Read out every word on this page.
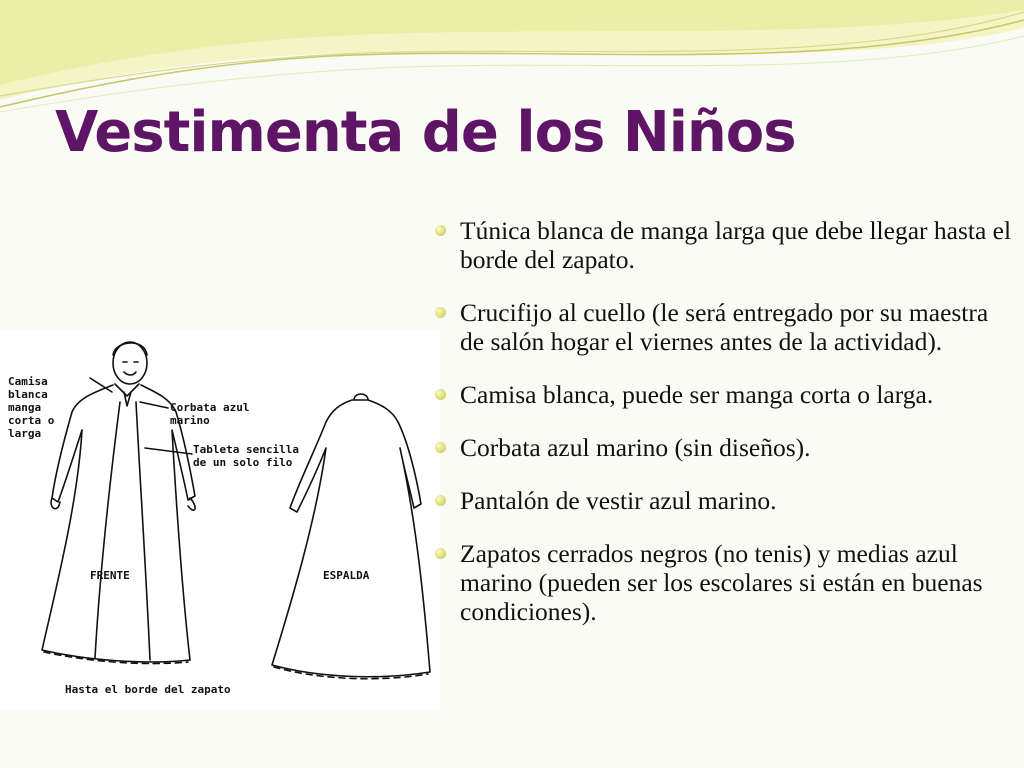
Vestimenta de los Niños
Camisa blanca manga corta o larga
Corbata azul marino
Tableta sencilla de un solo filo
FRENTE	ESPALDA
Hasta el borde del zapato
Túnica blanca de manga larga que debe llegar hasta el borde del zapato.
Crucifijo al cuello (le será entregado por su maestra de salón hogar el viernes antes de la actividad).
Camisa blanca, puede ser manga corta o larga.
Corbata azul marino (sin diseños).
Pantalón de vestir azul marino.
Zapatos cerrados negros (no tenis) y medias azul marino (pueden ser los escolares si están en buenas condiciones).
